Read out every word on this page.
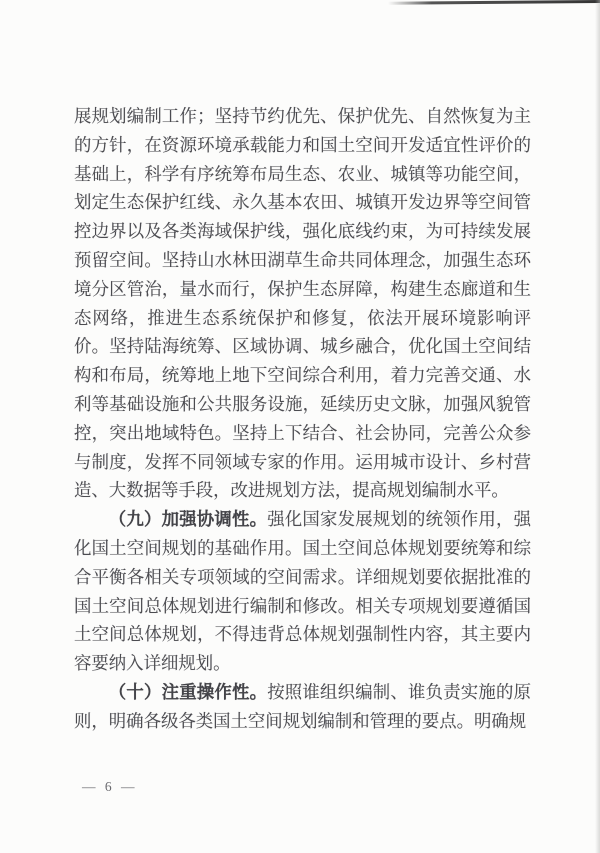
展规划编制工作；坚持节约优先、保护优先、自然恢复为主的方针，在资源环境承载能力和国土空间开发适宜性评价的基础上，科学有序统筹布局生态、农业、城镇等功能空间，划定生态保护红线、永久基本农田、城镇开发边界等空间管控边界以及各类海域保护线，强化底线约束，为可持续发展预留空间。坚持山水林田湖草生命共同体理念，加强生态环境分区管治，量水而行，保护生态屏障，构建生态廊道和生态网络，推进生态系统保护和修复，依法开展环境影响评价。坚持陆海统筹、区域协调、城乡融合，优化国土空间结构和布局，统筹地上地下空间综合利用，着力完善交通、水利等基础设施和公共服务设施，延续历史文脉，加强风貌管控，突出地域特色。坚持上下结合、社会协同，完善公众参与制度，发挥不同领域专家的作用。运用城市设计、乡村营造、大数据等手段，改进规划方法，提高规划编制水平。

（九）加强协调性。强化国家发展规划的统领作用，强化国土空间规划的基础作用。国土空间总体规划要统筹和综合平衡各相关专项领域的空间需求。详细规划要依据批准的国土空间总体规划进行编制和修改。相关专项规划要遵循国土空间总体规划，不得违背总体规划强制性内容，其主要内容要纳入详细规划。

（十）注重操作性。按照谁组织编制、谁负责实施的原则，明确各级各类国土空间规划编制和管理的要点。明确规

— 6 —
